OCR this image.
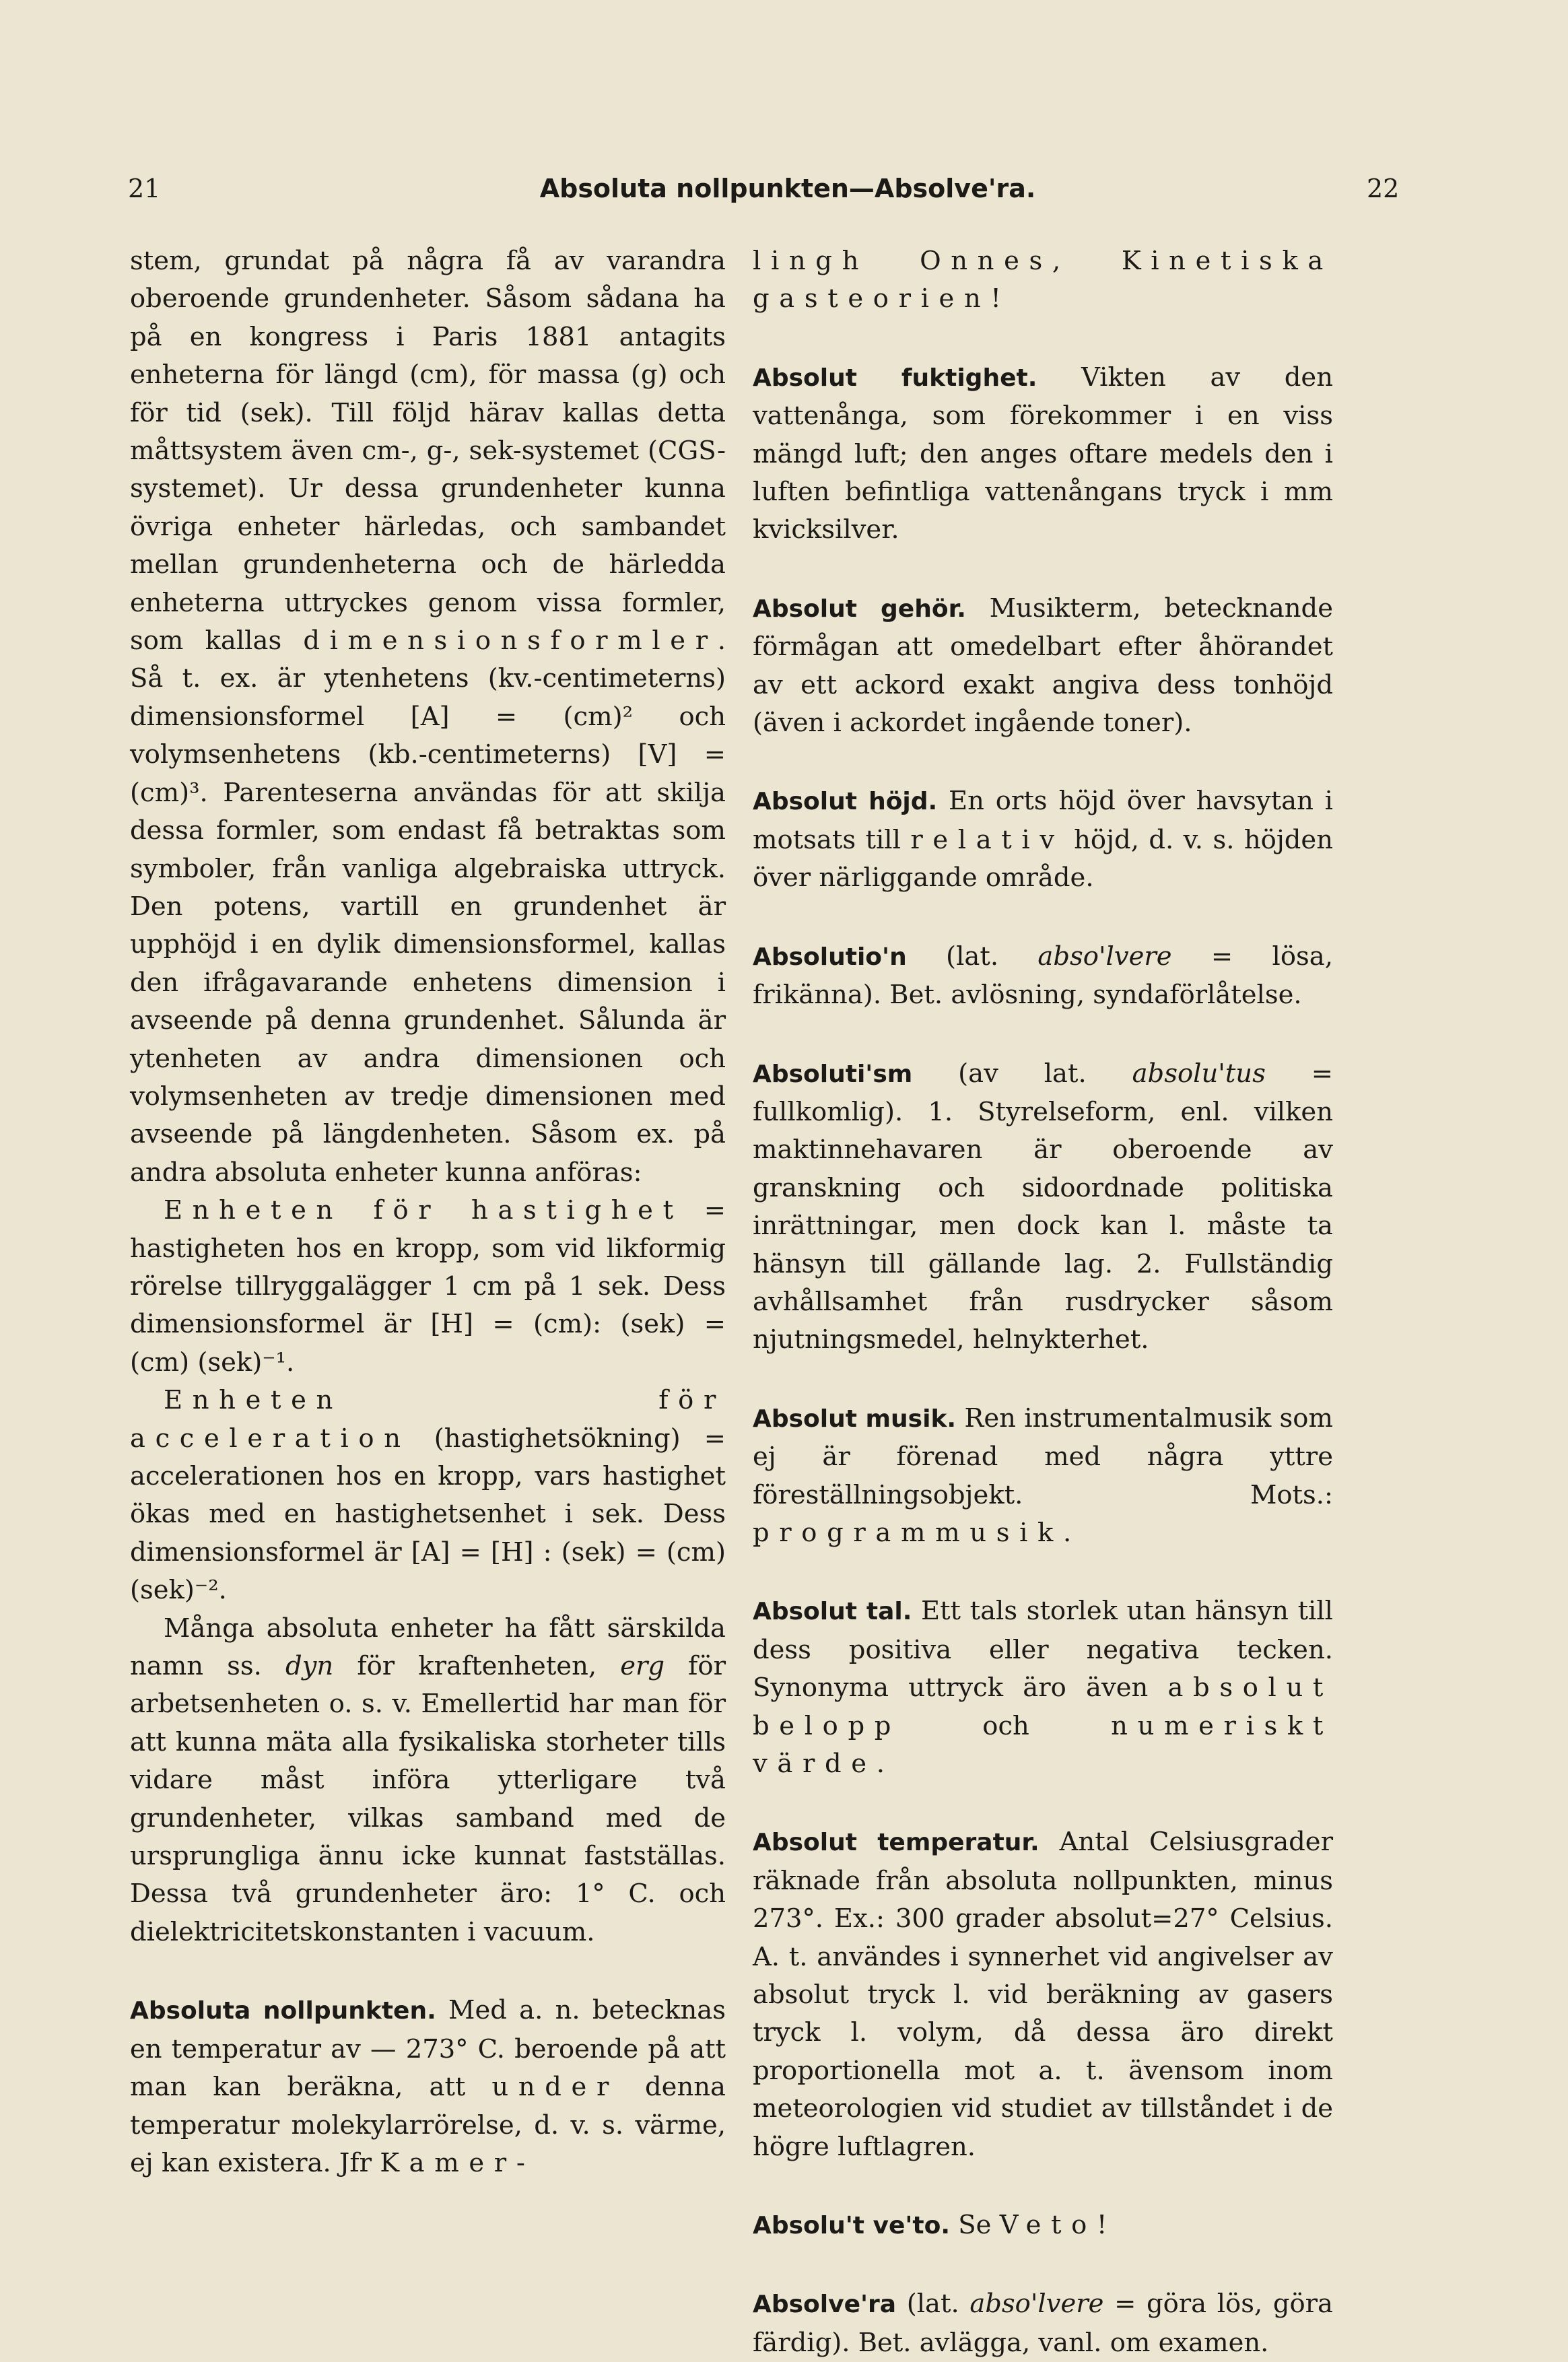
21	Absoluta nollpunkten—Absolve'ra.	22

stem, grundat på några få av varandra oberoende grundenheter. Såsom sådana ha på en kongress i Paris 1881 antagits enheterna för längd (cm), för massa (g) och för tid (sek). Till följd härav kallas detta måttsystem även cm-, g-, sek-systemet (CGS-systemet). Ur dessa grundenheter kunna övriga enheter härledas, och sambandet mellan grundenheterna och de härledda enheterna uttryckes genom vissa formler, som kallas dimensionsformler. Så t. ex. är ytenhetens (kv.-centimeterns) dimensionsformel [A] = (cm)² och volymsenhetens (kb.-centimeterns) [V] = (cm)³. Parenteserna användas för att skilja dessa formler, som endast få betraktas som symboler, från vanliga algebraiska uttryck. Den potens, vartill en grundenhet är upphöjd i en dylik dimensionsformel, kallas den ifrågavarande enhetens dimension i avseende på denna grundenhet. Sålunda är ytenheten av andra dimensionen och volymsenheten av tredje dimensionen med avseende på längdenheten. Såsom ex. på andra absoluta enheter kunna anföras:

Enheten för hastighet = hastigheten hos en kropp, som vid likformig rörelse tillryggalägger 1 cm på 1 sek. Dess dimensionsformel är [H] = (cm): (sek) = (cm) (sek)⁻¹.

Enheten för acceleration (hastighetsökning) = accelerationen hos en kropp, vars hastighet ökas med en hastighetsenhet i sek. Dess dimensionsformel är [A] = [H] : (sek) = (cm) (sek)⁻².

Många absoluta enheter ha fått särskilda namn ss. dyn för kraftenheten, erg för arbetsenheten o. s. v. Emellertid har man för att kunna mäta alla fysikaliska storheter tills vidare måst införa ytterligare två grundenheter, vilkas samband med de ursprungliga ännu icke kunnat fastställas. Dessa två grundenheter äro: 1° C. och dielektricitetskonstanten i vacuum.

Absoluta nollpunkten. Med a. n. betecknas en temperatur av — 273° C. beroende på att man kan beräkna, att under denna temperatur molekylarrörelse, d. v. s. värme, ej kan existera. Jfr Kamer-

lingh Onnes, Kinetiska gasteorien!

Absolut fuktighet. Vikten av den vattenånga, som förekommer i en viss mängd luft; den anges oftare medels den i luften befintliga vattenångans tryck i mm kvicksilver.

Absolut gehör. Musikterm, betecknande förmågan att omedelbart efter åhörandet av ett ackord exakt angiva dess tonhöjd (även i ackordet ingående toner).

Absolut höjd. En orts höjd över havsytan i motsats till relativ höjd, d. v. s. höjden över närliggande område.

Absolutio'n (lat. abso'lvere = lösa, frikänna). Bet. avlösning, syndaförlåtelse.

Absoluti'sm (av lat. absolu'tus = fullkomlig). 1. Styrelseform, enl. vilken maktinnehavaren är oberoende av granskning och sidoordnade politiska inrättningar, men dock kan l. måste ta hänsyn till gällande lag. 2. Fullständig avhållsamhet från rusdrycker såsom njutningsmedel, helnykterhet.

Absolut musik. Ren instrumentalmusik som ej är förenad med några yttre föreställningsobjekt. Mots.: programmusik.

Absolut tal. Ett tals storlek utan hänsyn till dess positiva eller negativa tecken. Synonyma uttryck äro även absolut belopp och numeriskt värde.

Absolut temperatur. Antal Celsiusgrader räknade från absoluta nollpunkten, minus 273°. Ex.: 300 grader absolut=27° Celsius. A. t. användes i synnerhet vid angivelser av absolut tryck l. vid beräkning av gasers tryck l. volym, då dessa äro direkt proportionella mot a. t. ävensom inom meteorologien vid studiet av tillståndet i de högre luftlagren.

Absolu't ve'to. Se Veto!

Absolve'ra (lat. abso'lvere = göra lös, göra färdig). Bet. avlägga, vanl. om examen.
